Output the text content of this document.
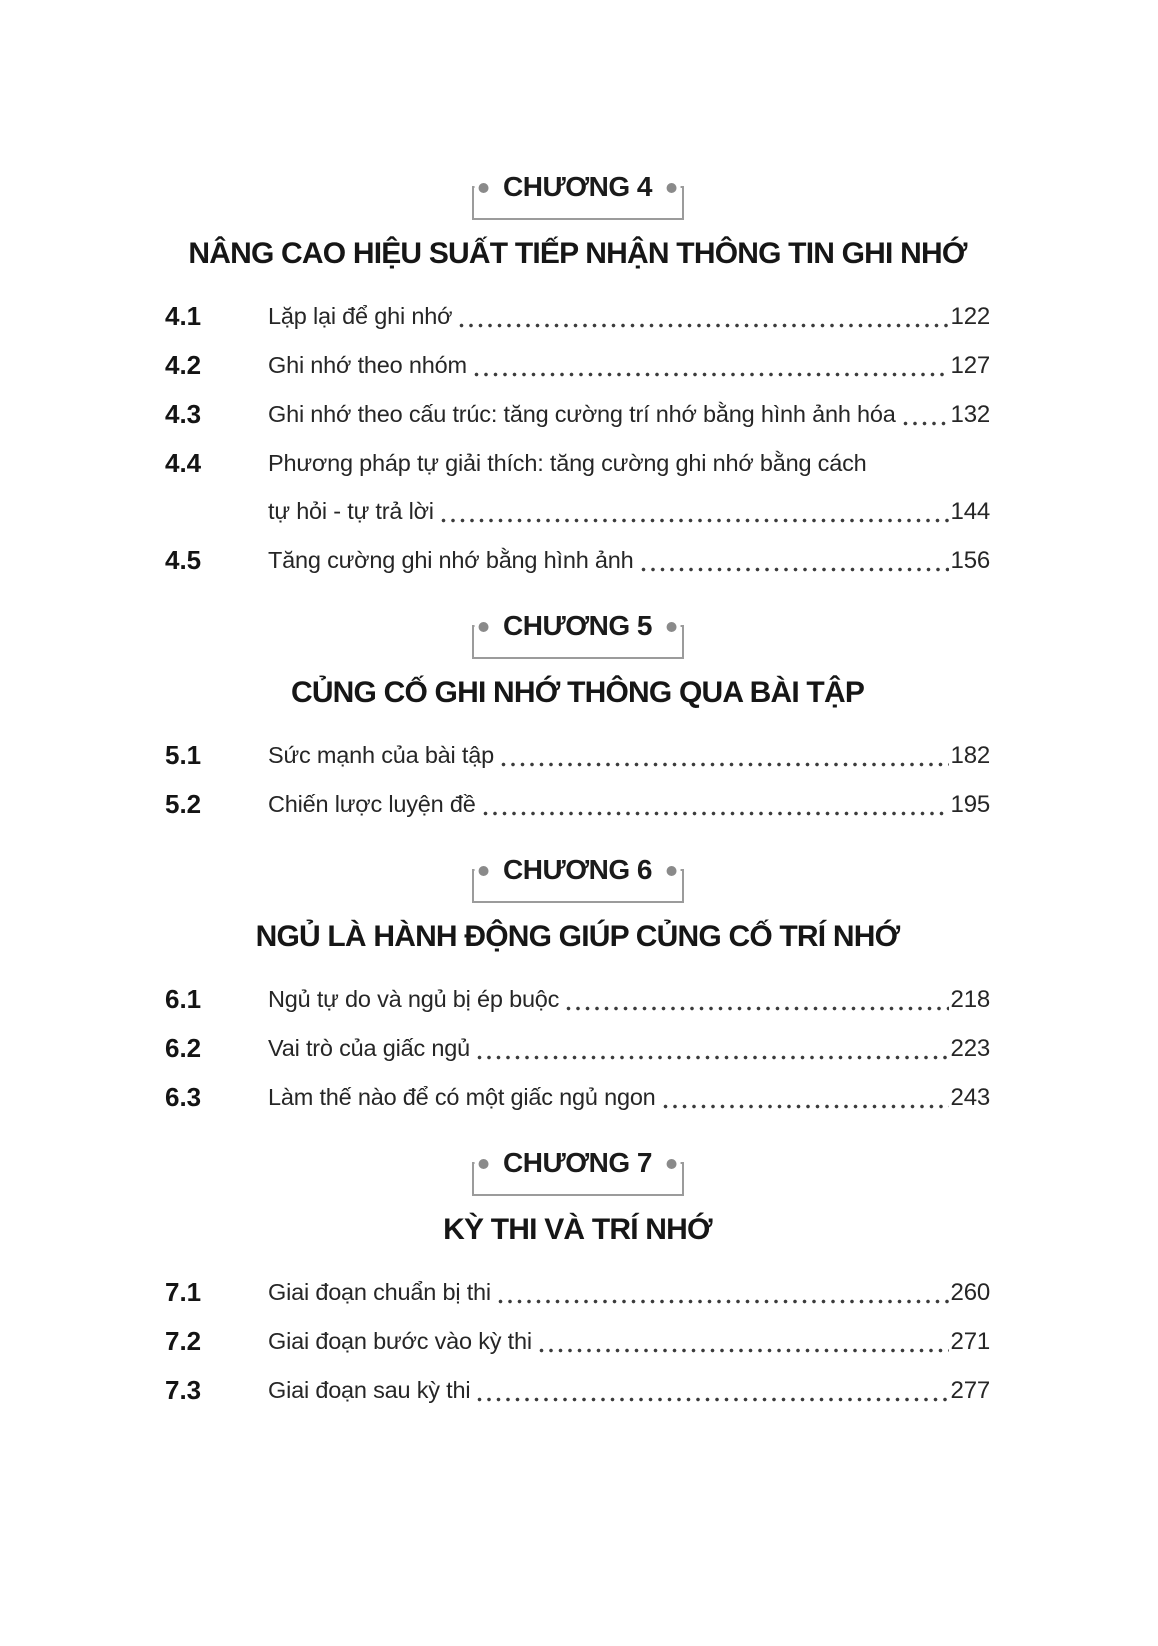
CHƯƠNG 4
NÂNG CAO HIỆU SUẤT TIẾP NHẬN THÔNG TIN GHI NHỚ
4.1	Lặp lại để ghi nhớ	122
4.2	Ghi nhớ theo nhóm	127
4.3	Ghi nhớ theo cấu trúc: tăng cường trí nhớ bằng hình ảnh hóa 132
4.4	Phương pháp tự giải thích: tăng cường ghi nhớ bằng cách
tự hỏi - tự trả lời	144
4.5	Tăng cường ghi nhớ bằng hình ảnh	156
CHƯƠNG 5
CỦNG CỐ GHI NHỚ THÔNG QUA BÀI TẬP
5.1	Sức mạnh của bài tập	182
5.2	Chiến lược luyện đề	195
CHƯƠNG 6
NGỦ LÀ HÀNH ĐỘNG GIÚP CỦNG CỐ TRÍ NHỚ
6.1	Ngủ tự do và ngủ bị ép buộc	218
6.2	Vai trò của giấc ngủ	223
6.3	Làm thế nào để có một giấc ngủ ngon	243
CHƯƠNG 7
KỲ THI VÀ TRÍ NHỚ
7.1	Giai đoạn chuẩn bị thi	260
7.2	Giai đoạn bước vào kỳ thi	271
7.3	Giai đoạn sau kỳ thi	277
